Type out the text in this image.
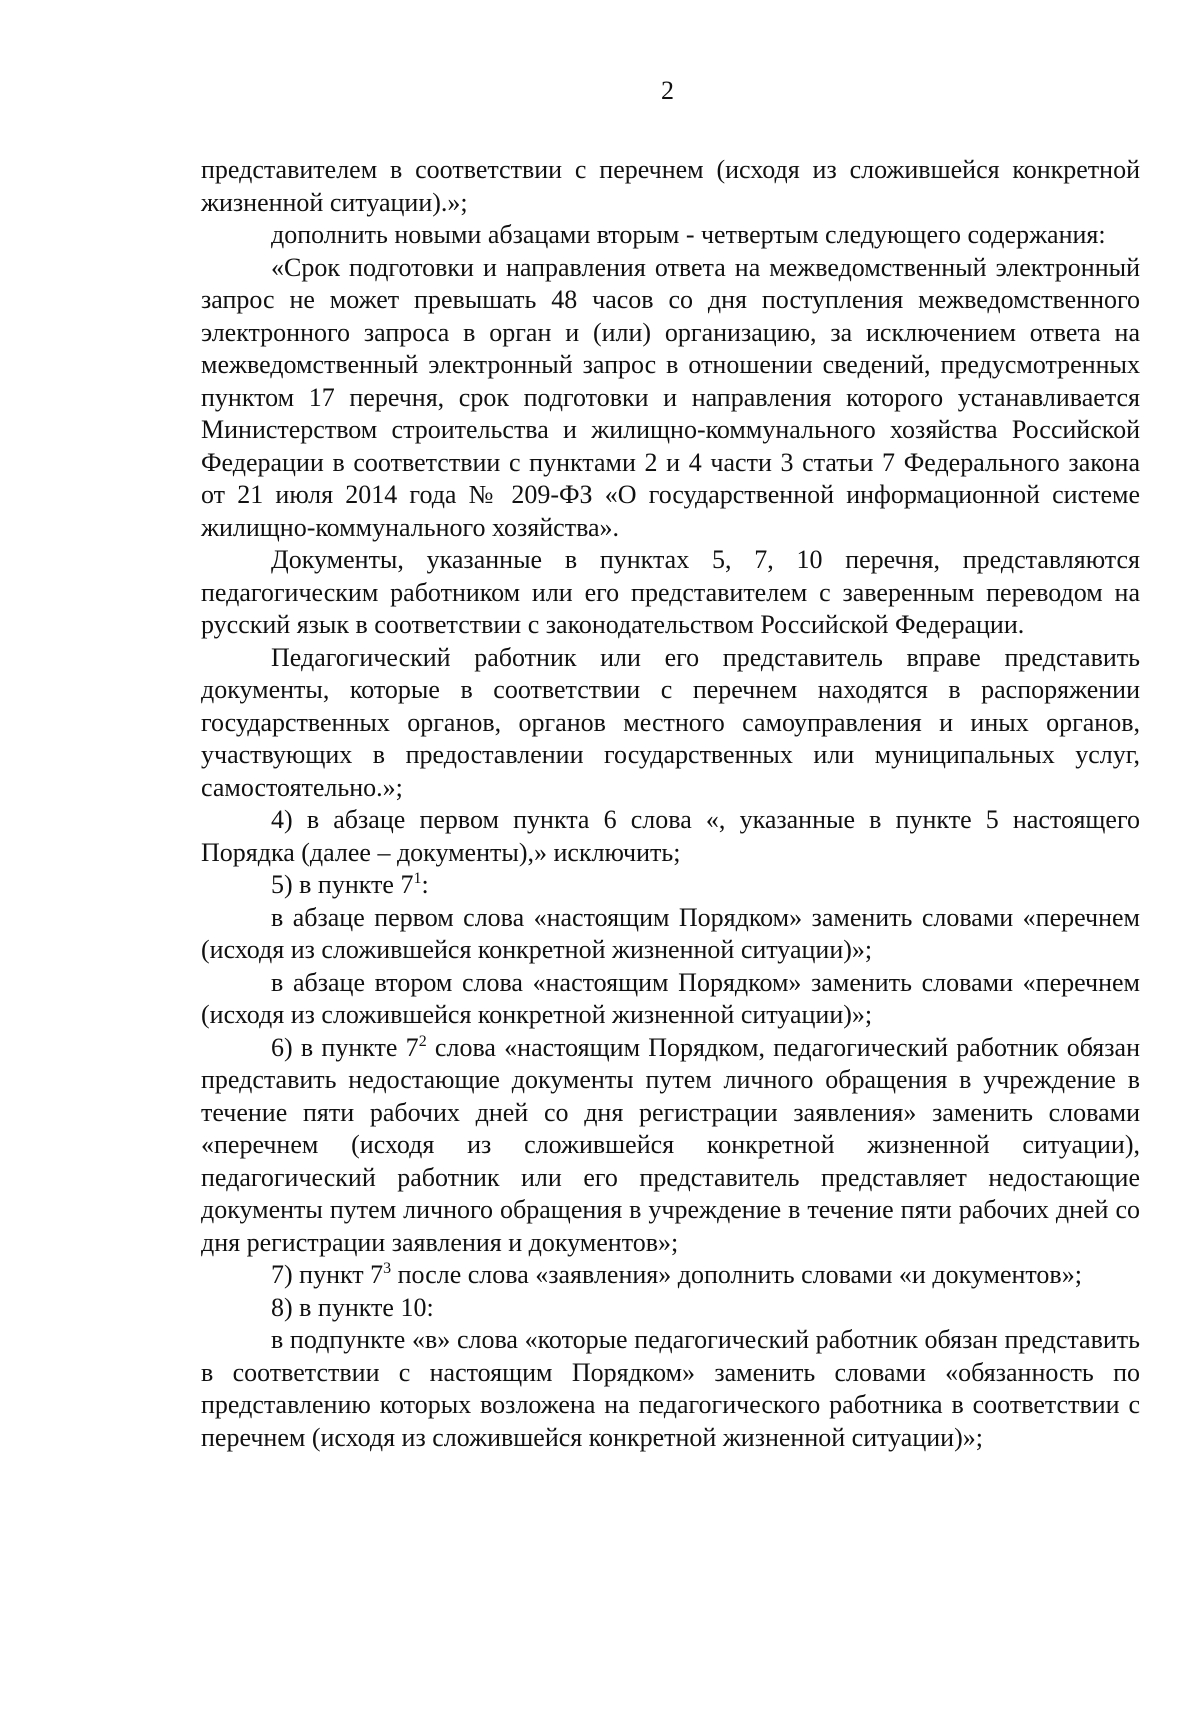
2

представителем в соответствии с перечнем (исходя из сложившейся конкретной жизненной ситуации).»;

дополнить новыми абзацами вторым - четвертым следующего содержания:

«Срок подготовки и направления ответа на межведомственный электронный запрос не может превышать 48 часов со дня поступления межведомственного электронного запроса в орган и (или) организацию, за исключением ответа на межведомственный электронный запрос в отношении сведений, предусмотренных пунктом 17 перечня, срок подготовки и направления которого устанавливается Министерством строительства и жилищно-коммунального хозяйства Российской Федерации в соответствии с пунктами 2 и 4 части 3 статьи 7 Федерального закона от 21 июля 2014 года № 209-ФЗ «О государственной информационной системе жилищно-коммунального хозяйства».

Документы, указанные в пунктах 5, 7, 10 перечня, представляются педагогическим работником или его представителем с заверенным переводом на русский язык в соответствии с законодательством Российской Федерации.

Педагогический работник или его представитель вправе представить документы, которые в соответствии с перечнем находятся в распоряжении государственных органов, органов местного самоуправления и иных органов, участвующих в предоставлении государственных или муниципальных услуг, самостоятельно.»;

4) в абзаце первом пункта 6 слова «, указанные в пункте 5 настоящего Порядка (далее – документы),» исключить;

5) в пункте $7^1$:

в абзаце первом слова «настоящим Порядком» заменить словами «перечнем (исходя из сложившейся конкретной жизненной ситуации)»;

в абзаце втором слова «настоящим Порядком» заменить словами «перечнем (исходя из сложившейся конкретной жизненной ситуации)»;

6) в пункте $7^2$ слова «настоящим Порядком, педагогический работник обязан представить недостающие документы путем личного обращения в учреждение в течение пяти рабочих дней со дня регистрации заявления» заменить словами «перечнем (исходя из сложившейся конкретной жизненной ситуации), педагогический работник или его представитель представляет недостающие документы путем личного обращения в учреждение в течение пяти рабочих дней со дня регистрации заявления и документов»;

7) пункт $7^3$ после слова «заявления» дополнить словами «и документов»;

8) в пункте 10:

в подпункте «в» слова «которые педагогический работник обязан представить в соответствии с настоящим Порядком» заменить словами «обязанность по представлению которых возложена на педагогического работника в соответствии с перечнем (исходя из сложившейся конкретной жизненной ситуации)»;
